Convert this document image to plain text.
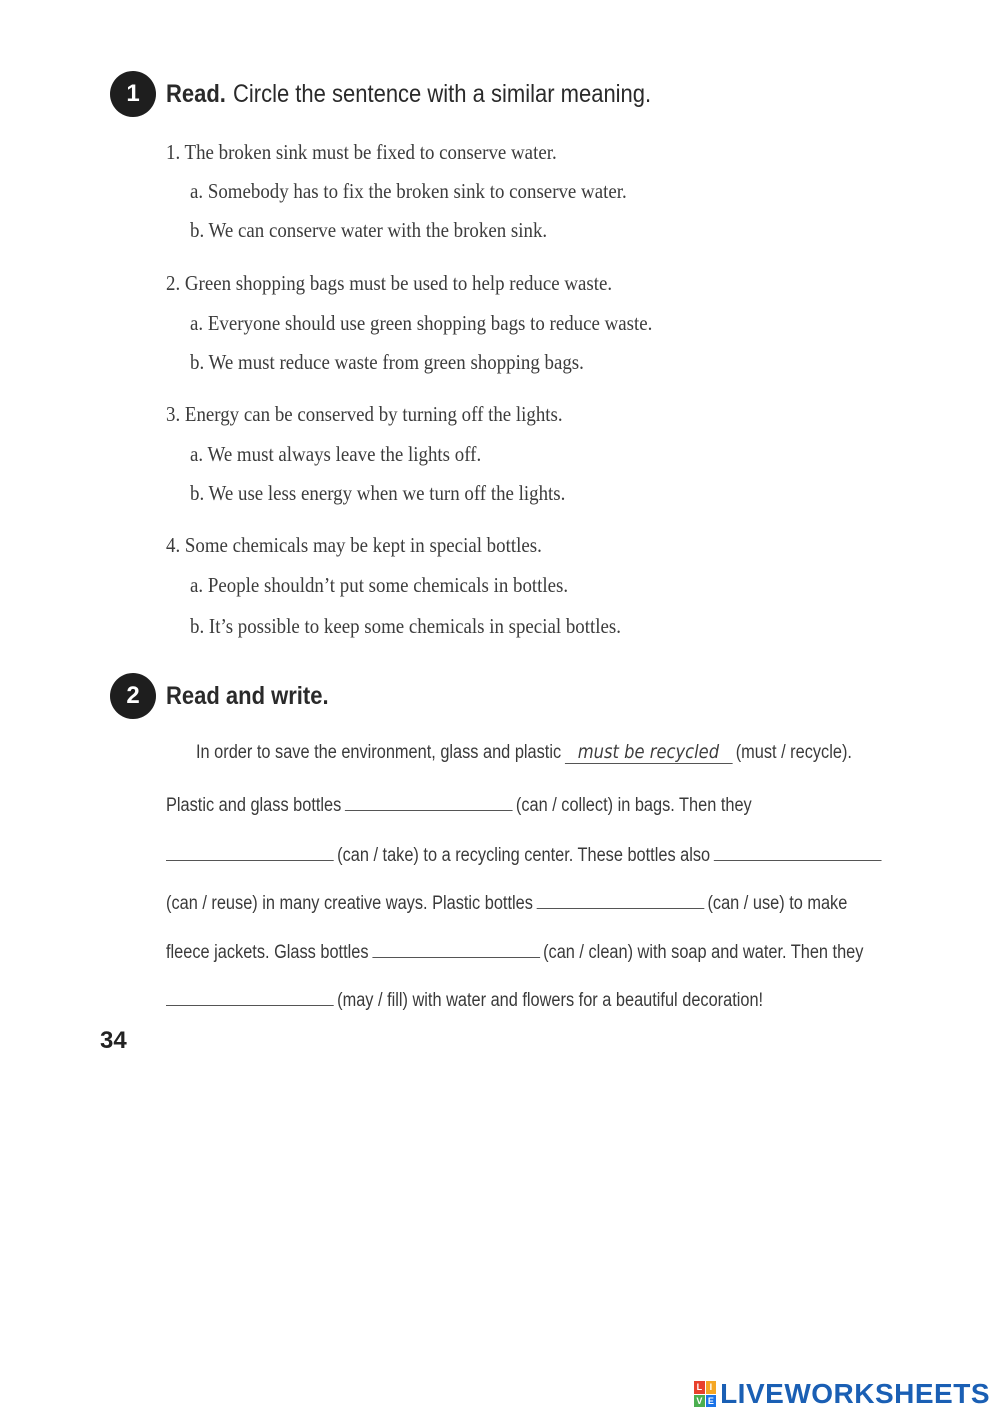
1	Read. Circle the sentence with a similar meaning.
1. The broken sink must be fixed to conserve water.
a. Somebody has to fix the broken sink to conserve water.
b. We can conserve water with the broken sink.
2. Green shopping bags must be used to help reduce waste.
a. Everyone should use green shopping bags to reduce waste.
b. We must reduce waste from green shopping bags.
3. Energy can be conserved by turning off the lights.
a. We must always leave the lights off.
b. We use less energy when we turn off the lights.
4. Some chemicals may be kept in special bottles.
a. People shouldn’t put some chemicals in bottles.
b. It’s possible to keep some chemicals in special bottles.
2	Read and write.
In order to save the environment, glass and plastic must be recycled (must / recycle).
Plastic and glass bottles	(can / collect) in bags. Then they
(can / take) to a recycling center. These bottles also
(can / reuse) in many creative ways. Plastic bottles	(can / use) to make
fleece jackets. Glass bottles	(can / clean) with soap and water. Then they
(may / fill) with water and flowers for a beautiful decoration!
34
L I
V E LIVEWORKSHEETS
